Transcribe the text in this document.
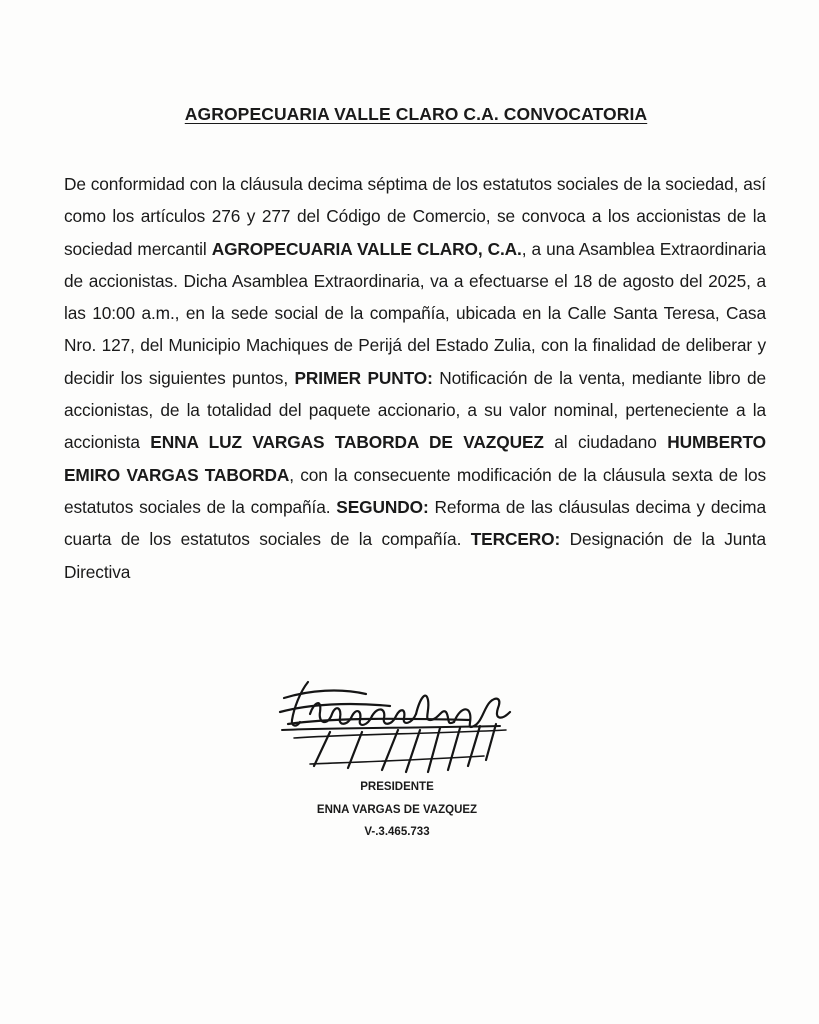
AGROPECUARIA VALLE CLARO C.A. CONVOCATORIA
De conformidad con la cláusula decima séptima de los estatutos sociales de la sociedad, así como los artículos 276 y 277 del Código de Comercio, se convoca a los accionistas de la sociedad mercantil AGROPECUARIA VALLE CLARO, C.A., a una Asamblea Extraordinaria de accionistas. Dicha Asamblea Extraordinaria, va a efectuarse el 18 de agosto del 2025, a las 10:00 a.m., en la sede social de la compañía, ubicada en la Calle Santa Teresa, Casa Nro. 127, del Municipio Machiques de Perijá del Estado Zulia, con la finalidad de deliberar y decidir los siguientes puntos, PRIMER PUNTO: Notificación de la venta, mediante libro de accionistas, de la totalidad del paquete accionario, a su valor nominal, perteneciente a la accionista ENNA LUZ VARGAS TABORDA DE VAZQUEZ al ciudadano HUMBERTO EMIRO VARGAS TABORDA, con la consecuente modificación de la cláusula sexta de los estatutos sociales de la compañía. SEGUNDO: Reforma de las cláusulas decima y decima cuarta de los estatutos sociales de la compañía. TERCERO: Designación de la Junta Directiva
PRESIDENTE
ENNA VARGAS DE VAZQUEZ
V-.3.465.733
